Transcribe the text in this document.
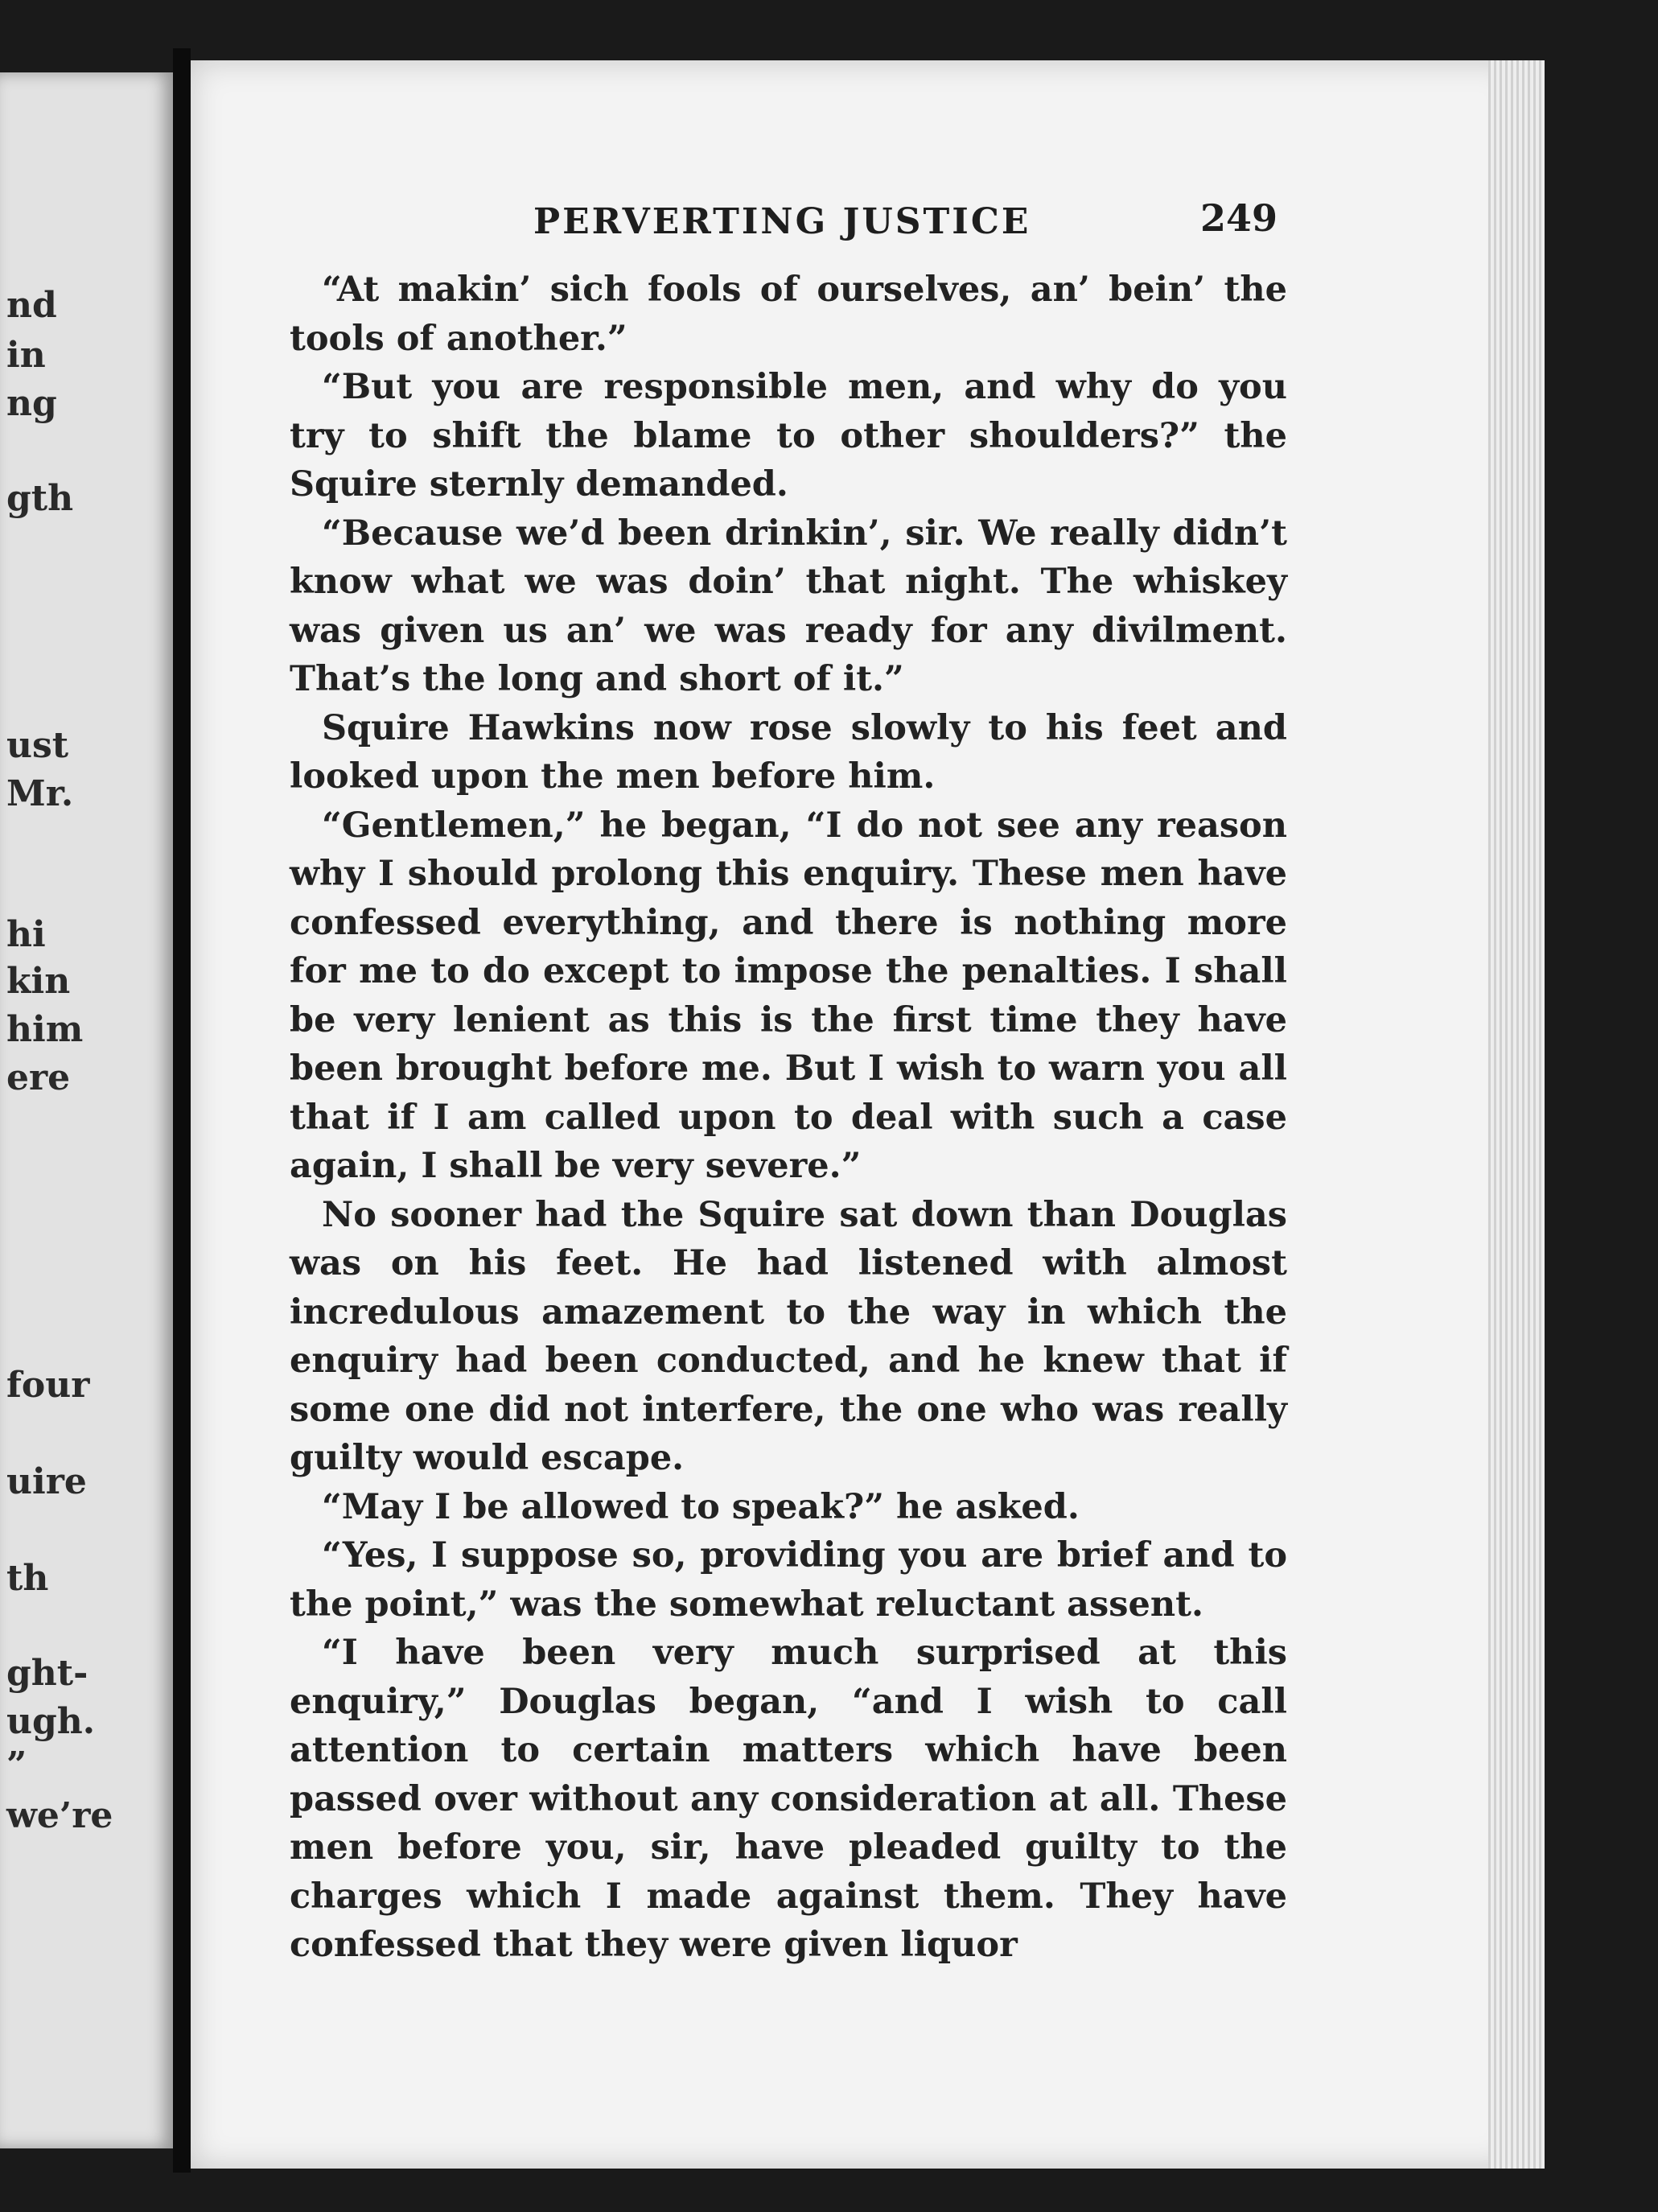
nd
in
ng
gth
ust
Mr.
hi
kin
him
ere
four
uire
th
ght-
ugh.
”
we’re
PERVERTING JUSTICE	249

“At makin’ sich fools of ourselves, an’ bein’ the tools of another.”

“But you are responsible men, and why do you try to shift the blame to other shoulders?” the Squire sternly demanded.

“Because we’d been drinkin’, sir. We really didn’t know what we was doin’ that night. The whiskey was given us an’ we was ready for any divilment. That’s the long and short of it.”

Squire Hawkins now rose slowly to his feet and looked upon the men before him.

“Gentlemen,” he began, “I do not see any reason why I should prolong this enquiry. These men have confessed everything, and there is nothing more for me to do except to impose the penalties. I shall be very lenient as this is the first time they have been brought before me. But I wish to warn you all that if I am called upon to deal with such a case again, I shall be very severe.”

No sooner had the Squire sat down than Douglas was on his feet. He had listened with almost incredulous amazement to the way in which the enquiry had been conducted, and he knew that if some one did not interfere, the one who was really guilty would escape.

“May I be allowed to speak?” he asked.

“Yes, I suppose so, providing you are brief and to the point,” was the somewhat reluctant assent.

“I have been very much surprised at this enquiry,” Douglas began, “and I wish to call attention to certain matters which have been passed over without any consideration at all. These men before you, sir, have pleaded guilty to the charges which I made against them. They have confessed that they were given liquor
